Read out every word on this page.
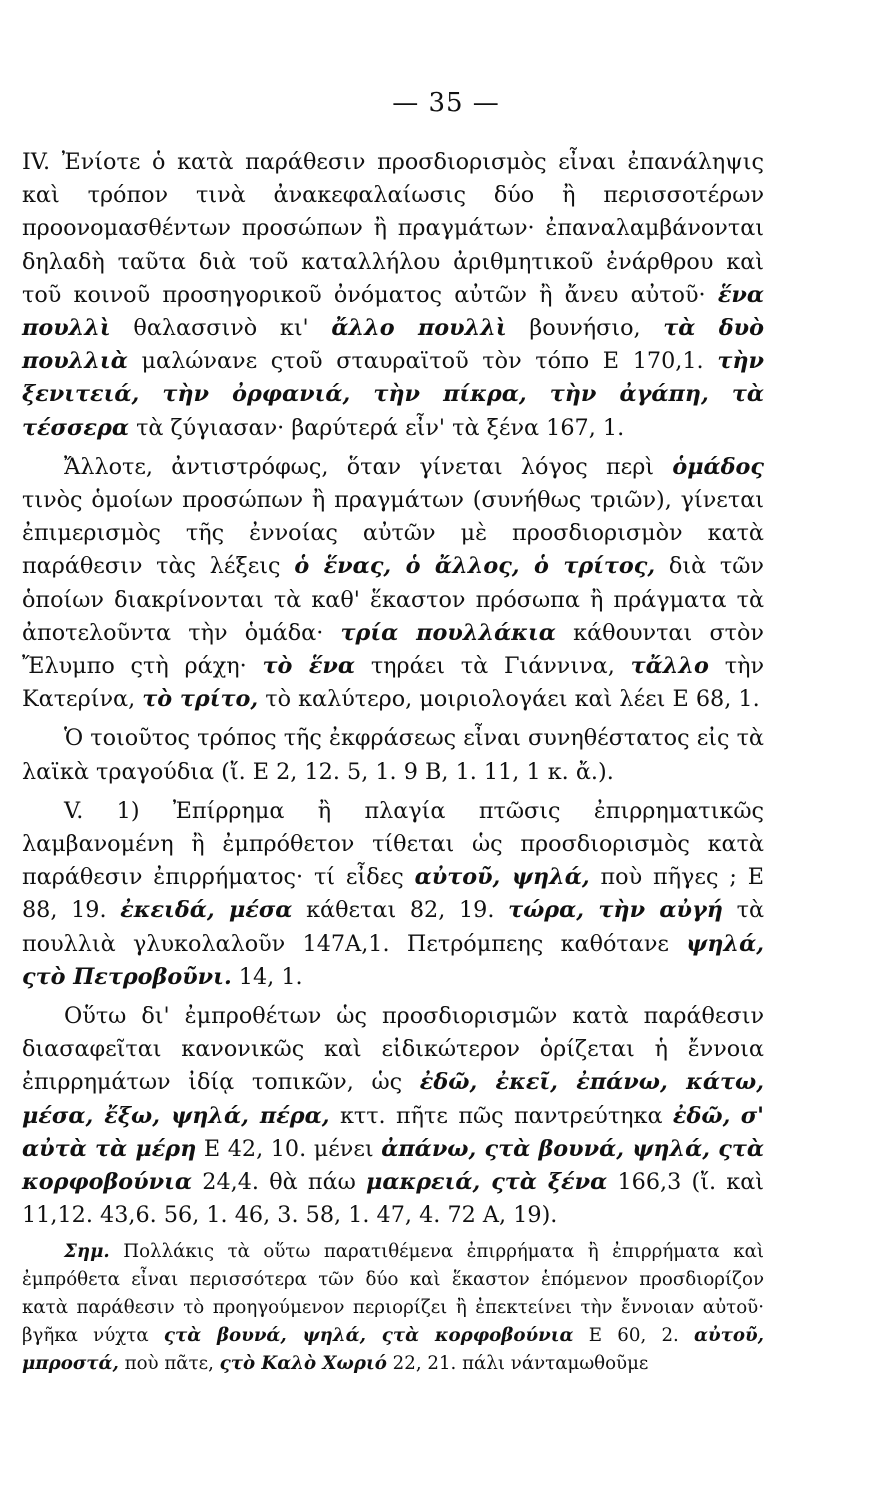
— 35 —

IV. Ἐνίοτε ὁ κατὰ παράθεσιν προσδιορισμὸς εἶναι ἐπανάληψις καὶ τρόπον τινὰ ἀνακεφαλαίωσις δύο ἢ περισσοτέρων προονομασθέντων προσώπων ἢ πραγμάτων· ἐπαναλαμβάνονται δηλαδὴ ταῦτα διὰ τοῦ καταλλήλου ἀριθμητικοῦ ἐνάρθρου καὶ τοῦ κοινοῦ προσηγορικοῦ ὀνόματος αὐτῶν ἢ ἄνευ αὐτοῦ· ἕνα πουλλὶ θαλασσινὸ κι' ἄλλο πουλλὶ βουνήσιο, τὰ δυὸ πουλλιὰ μαλώνανε ςτοῦ σταυραϊτοῦ τὸν τόπο Ε 170,1. τὴν ξενιτειά, τὴν ὀρφανιά, τὴν πίκρα, τὴν ἀγάπη, τὰ τέσσερα τὰ ζύγιασαν· βαρύτερά εἶν' τὰ ξένα 167, 1.

Ἄλλοτε, ἀντιστρόφως, ὅταν γίνεται λόγος περὶ ὁμάδος τινὸς ὁμοίων προσώπων ἢ πραγμάτων (συνήθως τριῶν), γίνεται ἐπιμερισμὸς τῆς ἐννοίας αὐτῶν μὲ προσδιορισμὸν κατὰ παράθεσιν τὰς λέξεις ὁ ἕνας, ὁ ἄλλος, ὁ τρίτος, διὰ τῶν ὁποίων διακρίνονται τὰ καθ' ἕκαστον πρόσωπα ἢ πράγματα τὰ ἀποτελοῦντα τὴν ὁμάδα· τρία πουλλάκια κάθουνται στὸν Ἔλυμπο ςτὴ ράχη· τὸ ἕνα τηράει τὰ Γιάννινα, τἄλλο τὴν Κατερίνα, τὸ τρίτο, τὸ καλύτερο, μοιριολογάει καὶ λέει Ε 68, 1.

Ὁ τοιοῦτος τρόπος τῆς ἐκφράσεως εἶναι συνηθέστατος εἰς τὰ λαϊκὰ τραγούδια (ἴ. Ε 2, 12. 5, 1. 9 Β, 1. 11, 1 κ. ἄ.).

V. 1) Ἐπίρρημα ἢ πλαγία πτῶσις ἐπιρρηματικῶς λαμβανομένη ἢ ἐμπρόθετον τίθεται ὡς προσδιορισμὸς κατὰ παράθεσιν ἐπιρρήματος· τί εἶδες αὐτοῦ, ψηλά, ποὺ πῆγες ; Ε 88, 19. ἐκειδά, μέσα κάθεται 82, 19. τώρα, τὴν αὐγή τὰ πουλλιὰ γλυκολαλοῦν 147Α,1. Πετρόμπεης καθότανε ψηλά, ςτὸ Πετροβοῦνι. 14, 1.

Οὕτω δι' ἐμπροθέτων ὡς προσδιορισμῶν κατὰ παράθεσιν διασαφεῖται κανονικῶς καὶ εἰδικώτερον ὁρίζεται ἡ ἔννοια ἐπιρρημάτων ἰδίᾳ τοπικῶν, ὡς ἐδῶ, ἐκεῖ, ἐπάνω, κάτω, μέσα, ἔξω, ψηλά, πέρα, κττ. πῆτε πῶς παντρεύτηκα ἐδῶ, σ' αὐτὰ τὰ μέρη Ε 42, 10. μένει ἀπάνω, ςτὰ βουνά, ψηλά, ςτὰ κορφοβούνια 24,4. θὰ πάω μακρειά, ςτὰ ξένα 166,3 (ἴ. καὶ 11,12. 43,6. 56, 1. 46, 3. 58, 1. 47, 4. 72 Α, 19).

Σημ. Πολλάκις τὰ οὕτω παρατιθέμενα ἐπιρρήματα ἢ ἐπιρρήματα καὶ ἐμπρόθετα εἶναι περισσότερα τῶν δύο καὶ ἕκαστον ἑπόμενον προσδιορίζον κατὰ παράθεσιν τὸ προηγούμενον περιορίζει ἢ ἐπεκτείνει τὴν ἔννοιαν αὐτοῦ· βγῆκα νύχτα ςτὰ βουνά, ψηλά, ςτὰ κορφοβούνια Ε 60, 2. αὐτοῦ, μπροστά, ποὺ πᾶτε, ςτὸ Καλὸ Χωριό 22, 21. πάλι νάνταμωθοῦμε
